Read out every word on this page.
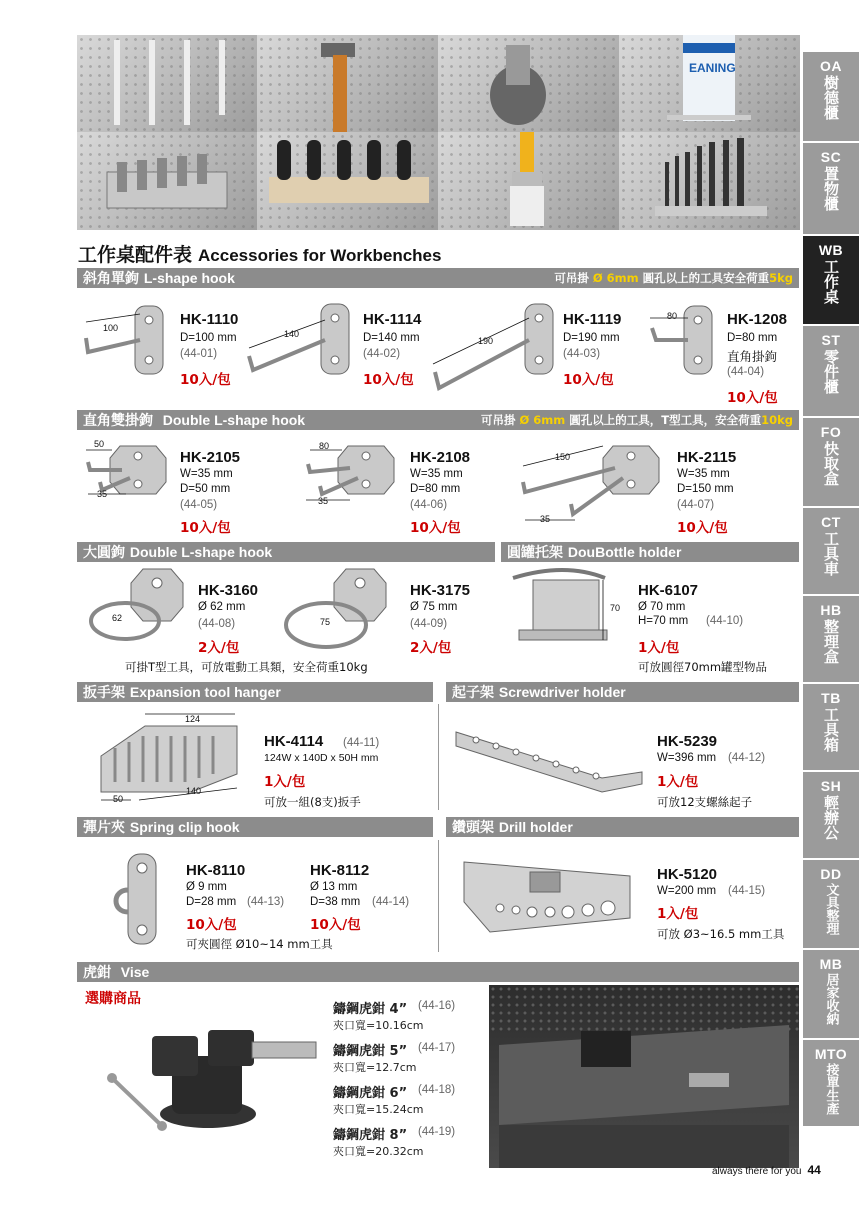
EANING	OA
樹德櫃
SC
置物櫃
WB
工作桌
ST
零件櫃
FO
快取盒
CT
工具車
HB
整理盒
TB
工具箱
SH
輕辦公
DD
文具整理
MB
居家收納
MTO
接單生產
工作桌配件表 Accessories for Workbenches
斜角單鉤 L-shape hook	可吊掛 Ø 6mm 圓孔以上的工具安全荷重5kg
100	HK-1110
D=100 mm
(44-01)
10入/包
140
HK-1114
D=140 mm
(44-02)
10入/包
190
HK-1119
D=190 mm
(44-03)
10入/包
80	HK-1208
D=80 mm
直角掛鉤
(44-04)
10入/包
直角雙掛鉤 Double L-shape hook	可吊掛 Ø 6mm 圓孔以上的工具，T型工具，安全荷重10kg
50
35
HK-2105
W=35 mm
D=50 mm
(44-05)
10入/包
80
35
HK-2108
W=35 mm
D=80 mm
(44-06)
10入/包
150
35
HK-2115
W=35 mm
D=150 mm
(44-07)
10入/包
大圓鉤 Double L-shape hook	圓罐托架 DouBottle holder
62
HK-3160
Ø 62 mm
(44-08)
2入/包
75
HK-3175
Ø 75 mm
(44-09)
2入/包
可掛T型工具，可放電動工具類，安全荷重10kg
70
HK-6107
Ø 70 mm
H=70 mm (44-10)
1入/包
可放圓徑70mm罐型物品
扳手架 Expansion tool hanger	起子架 Screwdriver holder
124
50
140
HK-4114 (44-11)
124W x 140D x 50H mm
1入/包
可放一組(8支)扳手
HK-5239
W=396 mm (44-12)
1入/包
可放12支螺絲起子
彈片夾 Spring clip hook	鑽頭架 Drill holder
HK-8110
Ø 9 mm
D=28 mm (44-13)
10入/包
HK-8112
Ø 13 mm
D=38 mm (44-14)
10入/包
可夾圓徑 Ø10~14 mm工具
HK-5120
W=200 mm (44-15)
1入/包
可放 Ø3~16.5 mm工具
虎鉗 Vise
選購商品
鑄鋼虎鉗 4” (44-16)
夾口寬=10.16cm
鑄鋼虎鉗 5” (44-17)
夾口寬=12.7cm
鑄鋼虎鉗 6” (44-18)
夾口寬=15.24cm
鑄鋼虎鉗 8” (44-19)
夾口寬=20.32cm
always there for you 44
